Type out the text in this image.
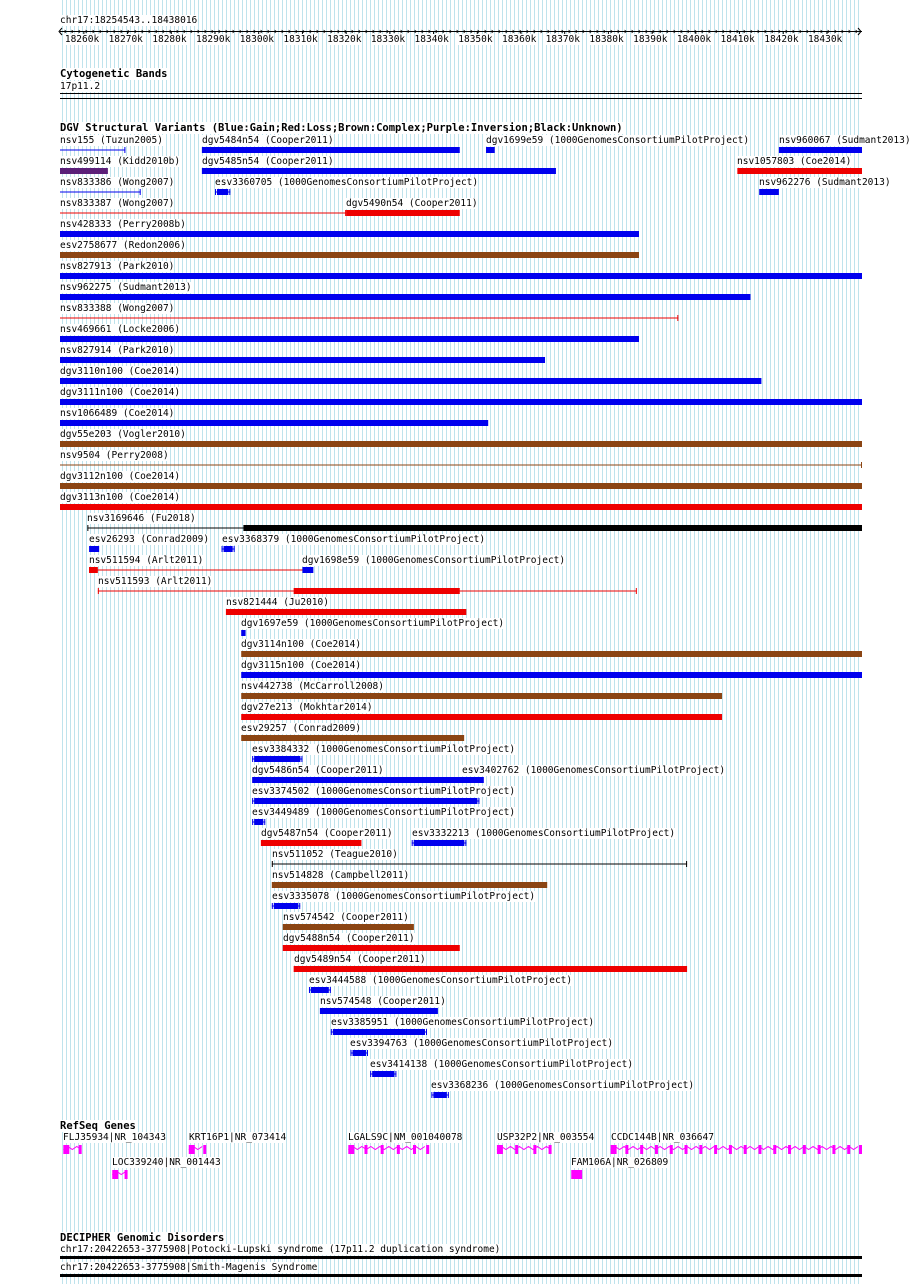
chr17:18254543..18438016
18260k 18270k 18280k 18290k 18300k 18310k 18320k 18330k 18340k 18350k 18360k 18370k 18380k 18390k 18400k 18410k 18420k 18430k
Cytogenetic Bands
17p11.2
DGV Structural Variants (Blue:Gain;Red:Loss;Brown:Complex;Purple:Inversion;Black:Unknown)
nsv155 (Tuzun2005)	dgv5484n54 (Cooper2011)	dgv1699e59 (1000GenomesConsortiumPilotProject)	nsv960067 (Sudmant2013)
nsv499114 (Kidd2010b) dgv5485n54 (Cooper2011)	nsv1057803 (Coe2014)
nsv833386 (Wong2007)	esv3360705 (1000GenomesConsortiumPilotProject)	nsv962276 (Sudmant2013)
nsv833387 (Wong2007)	dgv5490n54 (Cooper2011)
nsv428333 (Perry2008b)
esv2758677 (Redon2006)
nsv827913 (Park2010)
nsv962275 (Sudmant2013)
nsv833388 (Wong2007)
nsv469661 (Locke2006)
nsv827914 (Park2010)
dgv3110n100 (Coe2014)
dgv3111n100 (Coe2014)
nsv1066489 (Coe2014)
dgv55e203 (Vogler2010)
nsv9504 (Perry2008)
dgv3112n100 (Coe2014)
dgv3113n100 (Coe2014)
nsv3169646 (Fu2018)
esv26293 (Conrad2009) esv3368379 (1000GenomesConsortiumPilotProject)
nsv511594 (Arlt2011)	dgv1698e59 (1000GenomesConsortiumPilotProject)
nsv511593 (Arlt2011)
nsv821444 (Ju2010)
dgv1697e59 (1000GenomesConsortiumPilotProject)
dgv3114n100 (Coe2014)
dgv3115n100 (Coe2014)
nsv442738 (McCarroll2008)
dgv27e213 (Mokhtar2014)
esv29257 (Conrad2009)
esv3384332 (1000GenomesConsortiumPilotProject)
dgv5486n54 (Cooper2011)	esv3402762 (1000GenomesConsortiumPilotProject)
esv3374502 (1000GenomesConsortiumPilotProject)
esv3449489 (1000GenomesConsortiumPilotProject)
dgv5487n54 (Cooper2011) esv3332213 (1000GenomesConsortiumPilotProject)
nsv511052 (Teague2010)
nsv514828 (Campbell2011)
esv3335078 (1000GenomesConsortiumPilotProject)
nsv574542 (Cooper2011)
dgv5488n54 (Cooper2011)
dgv5489n54 (Cooper2011)
esv3444588 (1000GenomesConsortiumPilotProject)
nsv574548 (Cooper2011)
esv3385951 (1000GenomesConsortiumPilotProject)
esv3394763 (1000GenomesConsortiumPilotProject)
esv3414138 (1000GenomesConsortiumPilotProject)
esv3368236 (1000GenomesConsortiumPilotProject)
RefSeq Genes
FLJ35934|NR_104343 KRT16P1|NR_073414	LGALS9C|NM_001040078	USP32P2|NR_003554 CCDC144B|NR_036647
LOC339240|NR_001443	FAM106A|NR_026809
DECIPHER Genomic Disorders
chr17:20422653-3775908|Potocki-Lupski syndrome (17p11.2 duplication syndrome)
chr17:20422653-3775908|Smith-Magenis Syndrome
